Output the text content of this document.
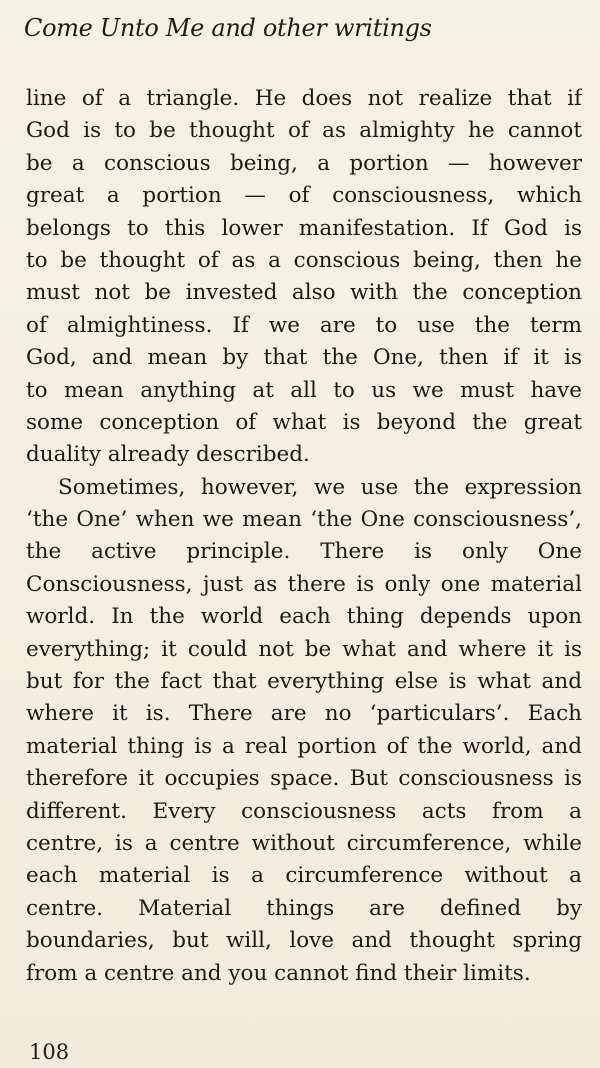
Come Unto Me and other writings
line of a triangle. He does not realize that if
God is to be thought of as almighty he cannot
be a conscious being, a portion — however
great a portion — of consciousness, which
belongs to this lower manifestation. If God is
to be thought of as a conscious being, then he
must not be invested also with the conception
of almightiness. If we are to use the term
God, and mean by that the One, then if it is
to mean anything at all to us we must have
some conception of what is beyond the great
duality already described.
Sometimes, however, we use the expression
‘the One’ when we mean ‘the One consciousness’,
the active principle. There is only One
Consciousness, just as there is only one material
world. In the world each thing depends upon
everything; it could not be what and where it is
but for the fact that everything else is what and
where it is. There are no ‘particulars’. Each
material thing is a real portion of the world, and
therefore it occupies space. But consciousness is
different. Every consciousness acts from a
centre, is a centre without circumference, while
each material is a circumference without a
centre. Material things are defined by
boundaries, but will, love and thought spring
from a centre and you cannot find their limits.
108
